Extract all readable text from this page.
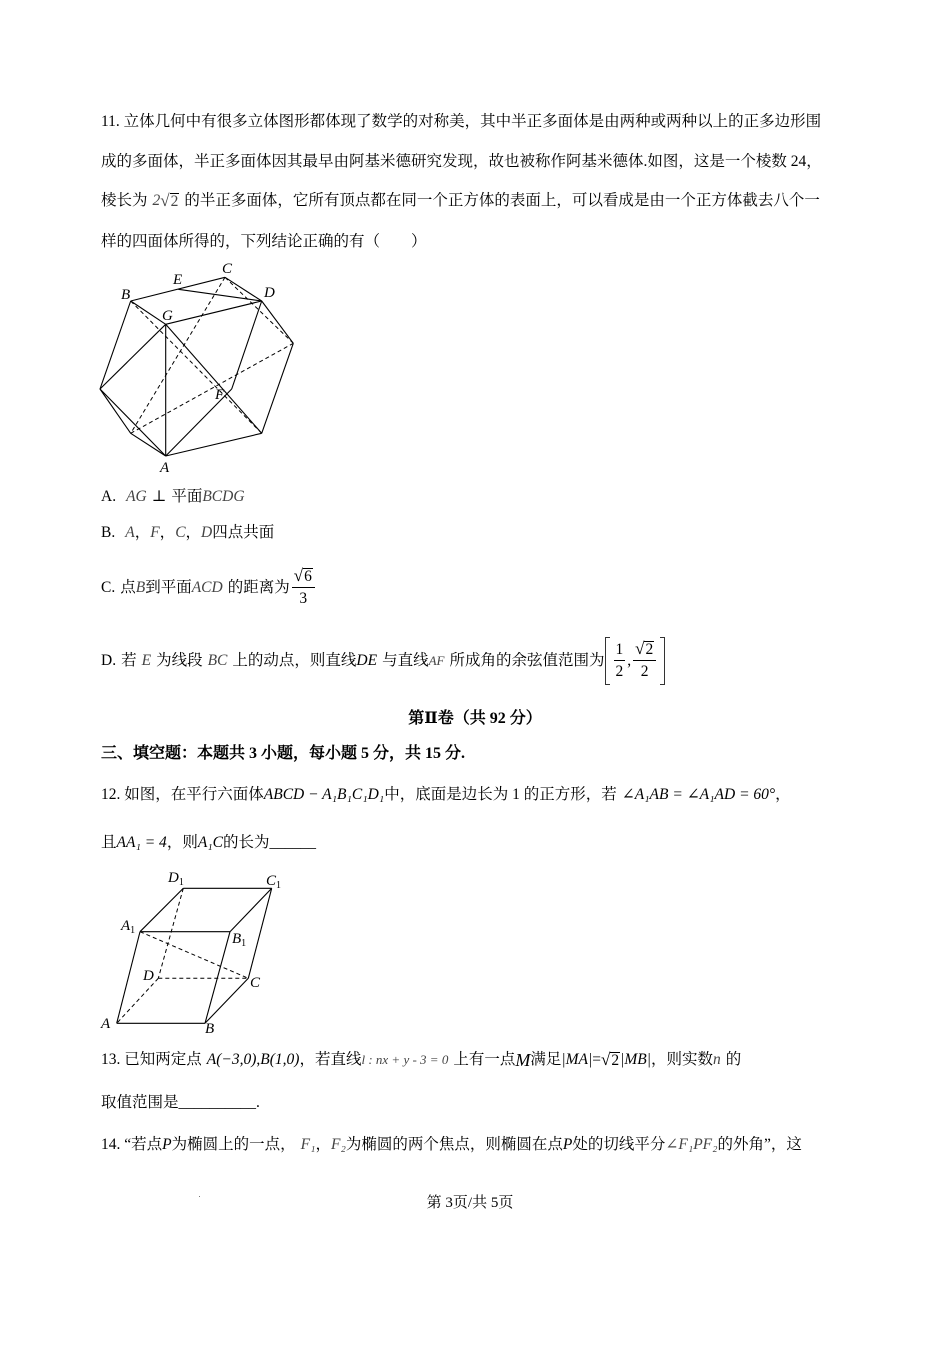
11. 立体几何中有很多立体图形都体现了数学的对称美，其中半正多面体是由两种或两种以上的正多边形围
成的多面体，半正多面体因其最早由阿基米德研究发现，故也被称作阿基米德体.如图，这是一个棱数 24，
棱长为 2 √ 2 的半正多面体，它所有顶点都在同一个正方体的表面上，可以看成是由一个正方体截去八个一
样的四面体所得的，下列结论正确的有（　　）
B
E
C
D
G
F
A
A. AG ⊥ 平面 BCDG
B. A ， F ， C ， D 四点共面
C. 点 B 到平面 ACD 的距离为 $\frac{√ 6}{3}$
D. 若 E 为线段 BC 上的动点，则直线 DE 与直线 AF 所成角的余弦值范围为 $\frac{1}{2}$ , $\frac{√ 2}{2}$
第Ⅱ卷（共 92 分）
三、填空题：本题共 3 小题，每小题 5 分，共 15 分.
12. 如图，在平行六面体 ABCD − A₁B₁C₁D₁ 中，底面是边长为 1 的正方形，若 ∠A₁AB = ∠A₁AD = 60° ，
且 AA₁ = 4 ，则 A₁C 的长为 ______
$D_1$	$C_1$
$A_1$
$B_1$
D	C
A	B
13. 已知两定点 A(−3,0) , B(1,0) ，若直线 l : nx + y - 3 = 0 上有一点 M 满足 |MA| = √ 2 |MB| ，则实数 n 的
取值范围是 __________ .
14. “若点 P 为椭圆上的一点， F₁ ， F₂ 为椭圆的两个焦点，则椭圆在点 P 处的切线平分 ∠F₁PF₂ 的外角”，这
第 3页/共 5页
